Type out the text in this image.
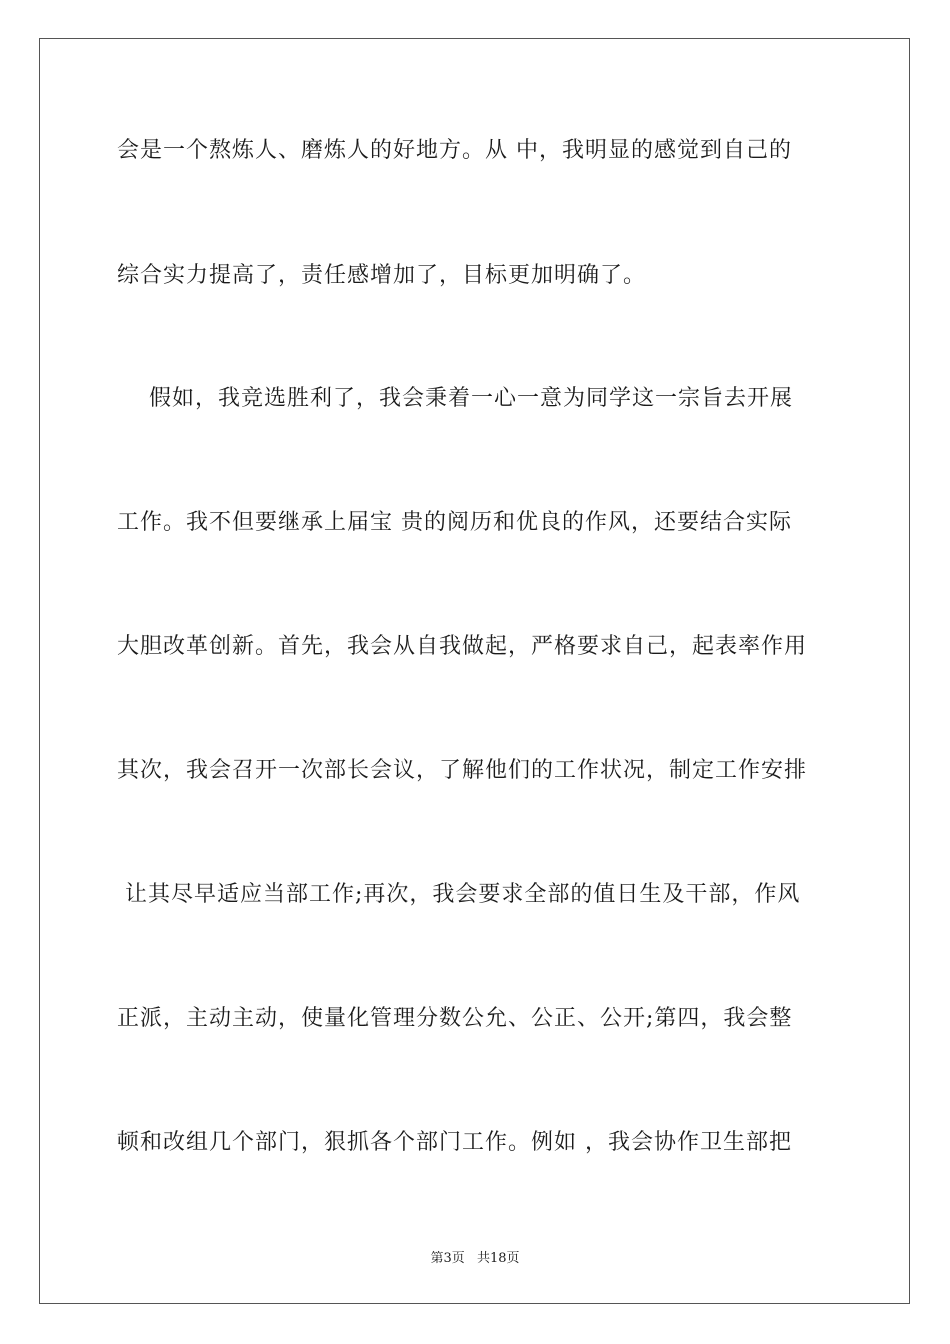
会是一个熬炼人、磨炼人的好地方。从 中，我明显的感觉到自己的
综合实力提高了，责任感增加了，目标更加明确了。
假如，我竞选胜利了，我会秉着一心一意为同学这一宗旨去开展
工作。我不但要继承上届宝 贵的阅历和优良的作风，还要结合实际
大胆改革创新。首先，我会从自我做起，严格要求自己，起表率作用
其次，我会召开一次部长会议，了解他们的工作状况，制定工作安排
让其尽早适应当部工作;再次，我会要求全部的值日生及干部，作风
正派，主动主动，使量化管理分数公允、公正、公开;第四，我会整
顿和改组几个部门，狠抓各个部门工作。例如 ，我会协作卫生部把
第3页 共18页
